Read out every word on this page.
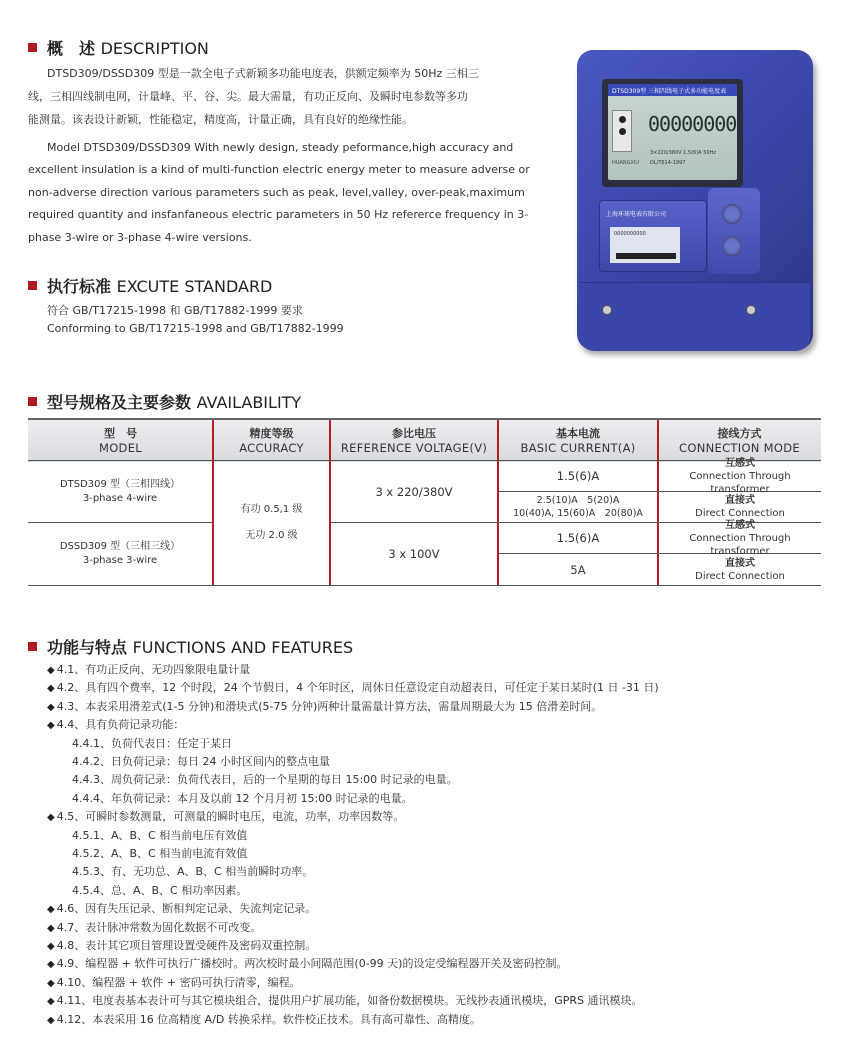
概　述 DESCRIPTION
DTSD309/DSSD309 型是一款全电子式新颖多功能电度表，供额定频率为 50Hz 三相三
线，三相四线制电网，计量峰、平、谷、尖。最大需量，有功正反向、及瞬时电参数等多功
能测量。该表设计新颖，性能稳定，精度高，计量正确，具有良好的绝缘性能。
Model DTSD309/DSSD309 With newly design, steady peformance,high accuracy and
excellent insulation is a kind of multi-function electric energy meter to measure adverse or
non-adverse direction various parameters such as peak, level,valley, over-peak,maximum
required quantity and insfanfaneous electric parameters in 50 Hz refererce frequency in 3-
phase 3-wire or 3-phase 4-wire versions.
DTSD309型 三相四线电子式多功能电度表
00000000
HUANGXIU
3×220/380V 1.5(6)A 50Hz
DL/T614-1997
上海环球电表有限公司
0000000000
执行标准 EXCUTE STANDARD
符合 GB/T17215-1998 和 GB/T17882-1999 要求
Conforming to GB/T17215-1998 and GB/T17882-1999
型号规格及主要参数 AVAILABILITY
型　号
MODEL
精度等级
ACCURACY
参比电压
REFERENCE VOLTAGE(V)
基本电流
BASIC CURRENT(A)
接线方式
CONNECTION MODE
DTSD309 型（三相四线）
3-phase 4-wire
DSSD309 型（三相三线）
3-phase 3-wire
有功 0.5,1 级
无功 2.0 级
3 x 220/380V
3 x 100V
1.5(6)A
2.5(10)A　5(20)A
10(40)A, 15(60)A　20(80)A
1.5(6)A
5A
互感式
Connection Through transformer
直接式
Direct Connection
互感式
Connection Through transformer
直接式
Direct Connection
功能与特点 FUNCTIONS AND FEATURES
◆ 4.1、有功正反向、无功四象限电量计量
◆ 4.2、具有四个费率，12 个时段，24 个节假日，4 个年时区，周休日任意设定自动超表日，可任定于某日某时(1 日 -31 日)
◆ 4.3、本表采用滑差式(1-5 分钟)和滑块式(5-75 分钟)两种计量需量计算方法，需量周期最大为 15 倍滑差时间。
◆ 4.4、具有负荷记录功能：
4.4.1、负荷代表日：任定于某日
4.4.2、日负荷记录：每日 24 小时区间内的整点电量
4.4.3、周负荷记录：负荷代表日，后的一个星期的每日 15:00 时记录的电量。
4.4.4、年负荷记录：本月及以前 12 个月月初 15:00 时记录的电量。
◆ 4.5、可瞬时参数测量，可测量的瞬时电压，电流，功率，功率因数等。
4.5.1、A、B、C 相当前电压有效值
4.5.2、A、B、C 相当前电流有效值
4.5.3、有、无功总、A、B、C 相当前瞬时功率。
4.5.4、总、A、B、C 相功率因素。
◆ 4.6、因有失压记录、断相判定记录、失流判定记录。
◆ 4.7、表计脉冲常数为固化数据不可改变。
◆ 4.8、表计其它项目管理设置受硬件及密码双重控制。
◆ 4.9、编程器 + 软件可执行广播校时。两次校时最小间隔范围(0-99 天)的设定受编程器开关及密码控制。
◆ 4.10、编程器 + 软件 + 密码可执行清零，编程。
◆ 4.11、电度表基本表计可与其它模块组合，提供用户扩展功能，如备份数据模块。无线抄表通讯模块，GPRS 通讯模块。
◆ 4.12、本表采用 16 位高精度 A/D 转换采样。软件校正技术。具有高可靠性、高精度。
